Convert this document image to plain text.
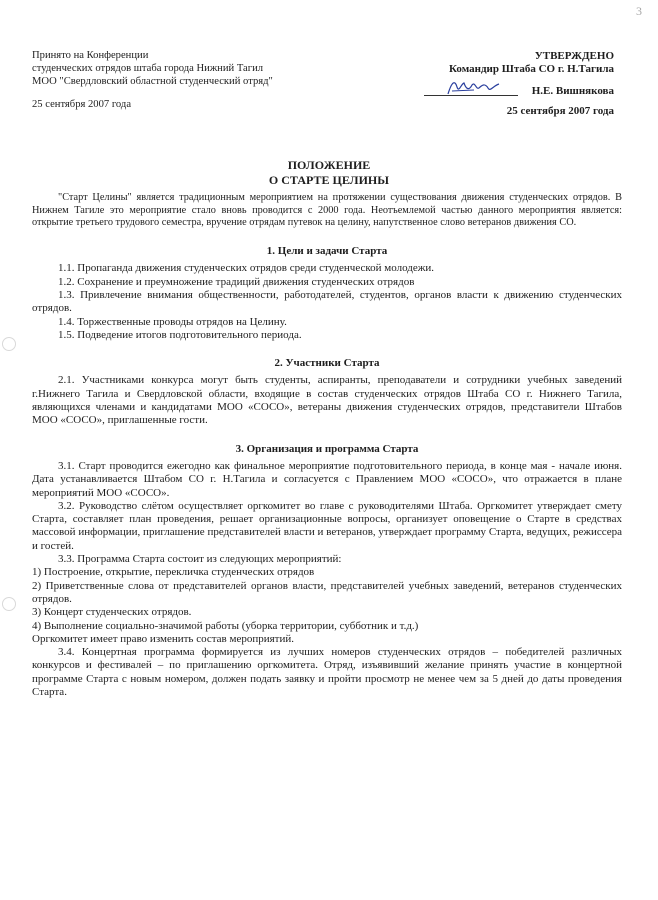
3
Принято на Конференции
студенческих отрядов штаба города Нижний Тагил
МОО "Свердловский областной студенческий отряд"
25 сентября 2007 года
УТВЕРЖДЕНО
Командир Штаба СО г. Н.Тагила
Н.Е. Вишнякова
25 сентября 2007 года
ПОЛОЖЕНИЕ
О СТАРТЕ ЦЕЛИНЫ

"Старт Целины" является традиционным мероприятием на протяжении существования движения студенческих отрядов. В Нижнем Тагиле это мероприятие стало вновь проводится с 2000 года. Неотъемлемой частью данного мероприятия является: открытие третьего трудового семестра, вручение отрядам путевок на целину, напутственное слово ветеранов движения СО.

1. Цели и задачи Старта

1.1. Пропаганда движения студенческих отрядов среди студенческой молодежи.

1.2. Сохранение и преумножение традиций движения студенческих отрядов

1.3. Привлечение внимания общественности, работодателей, студентов, органов власти к движению студенческих отрядов.

1.4. Торжественные проводы отрядов на Целину.

1.5. Подведение итогов подготовительного периода.

2. Участники Старта

2.1. Участниками конкурса могут быть студенты, аспиранты, преподаватели и сотрудники учебных заведений г.Нижнего Тагила и Свердловской области, входящие в состав студенческих отрядов Штаба СО г. Нижнего Тагила, являющихся членами и кандидатами МОО «СОСО», ветераны движения студенческих отрядов, представители Штабов МОО «СОСО», приглашенные гости.

3. Организация и программа Старта

3.1. Старт проводится ежегодно как финальное мероприятие подготовительного периода, в конце мая - начале июня. Дата устанавливается Штабом СО г. Н.Тагила и согласуется с Правлением МОО «СОСО», что отражается в плане мероприятий МОО «СОСО».

3.2. Руководство слётом осуществляет оргкомитет во главе с руководителями Штаба. Оргкомитет утверждает смету Старта, составляет план проведения, решает организационные вопросы, организует оповещение о Старте в средствах массовой информации, приглашение представителей власти и ветеранов, утверждает программу Старта, ведущих, режиссера и гостей.

3.3. Программа Старта состоит из следующих мероприятий:

1) Построение, открытие, перекличка студенческих отрядов

2) Приветственные слова от представителей органов власти, представителей учебных заведений, ветеранов студенческих отрядов.

3) Концерт студенческих отрядов.

4) Выполнение социально-значимой работы (уборка территории, субботник и т.д.)

Оргкомитет имеет право изменить состав мероприятий.

3.4. Концертная программа формируется из лучших номеров студенческих отрядов – победителей различных конкурсов и фестивалей – по приглашению оргкомитета. Отряд, изъявивший желание принять участие в концертной программе Старта с новым номером, должен подать заявку и пройти просмотр не менее чем за 5 дней до даты проведения Старта.
